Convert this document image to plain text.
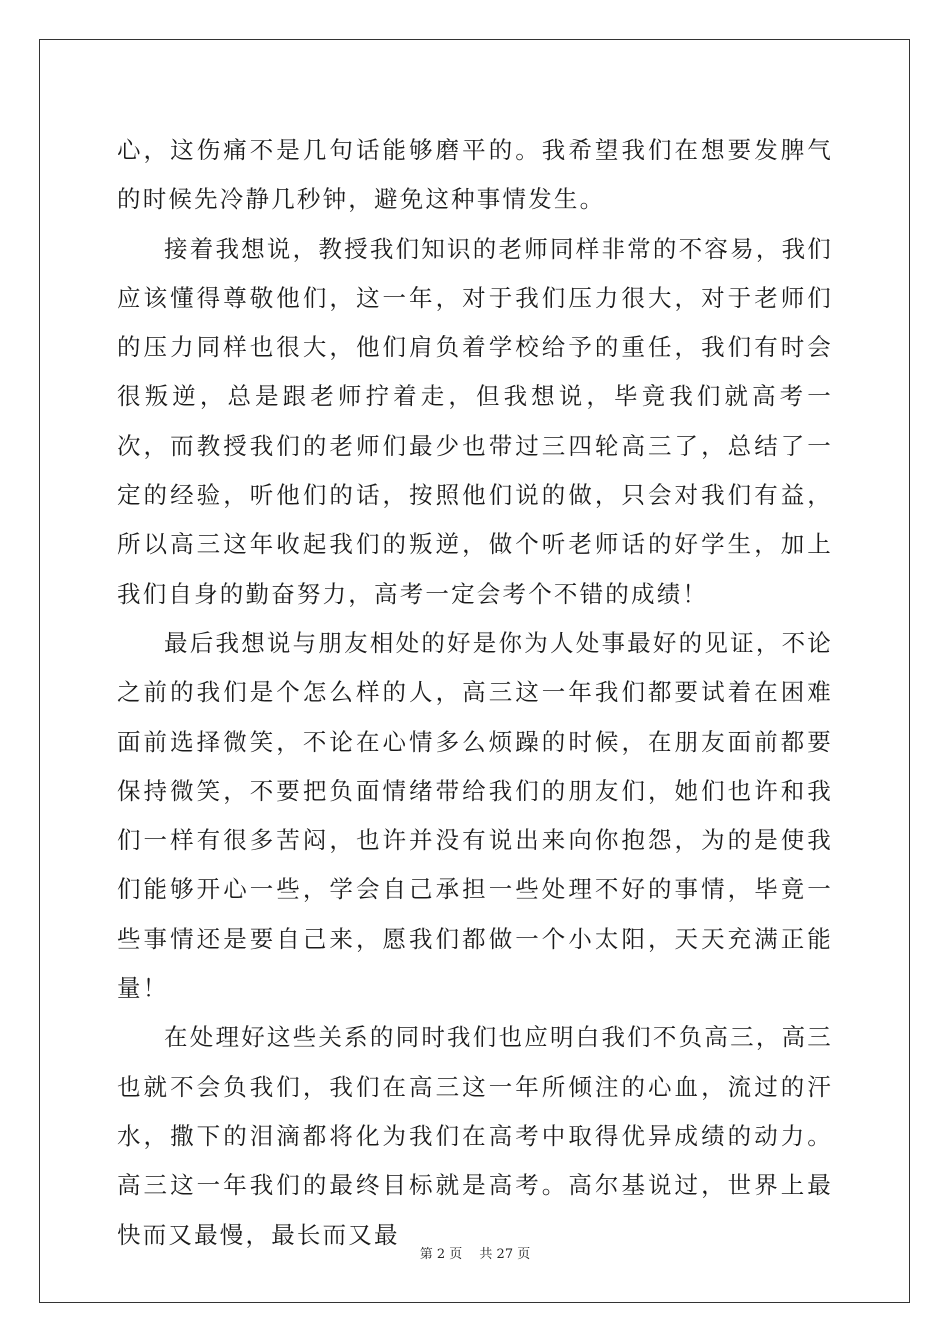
心，这伤痛不是几句话能够磨平的。我希望我们在想要发脾气的时候先冷静几秒钟，避免这种事情发生。

接着我想说，教授我们知识的老师同样非常的不容易，我们应该懂得尊敬他们，这一年，对于我们压力很大，对于老师们的压力同样也很大，他们肩负着学校给予的重任，我们有时会很叛逆，总是跟老师拧着走，但我想说，毕竟我们就高考一次，而教授我们的老师们最少也带过三四轮高三了，总结了一定的经验，听他们的话，按照他们说的做，只会对我们有益，所以高三这年收起我们的叛逆，做个听老师话的好学生，加上我们自身的勤奋努力，高考一定会考个不错的成绩！

最后我想说与朋友相处的好是你为人处事最好的见证，不论之前的我们是个怎么样的人，高三这一年我们都要试着在困难面前选择微笑，不论在心情多么烦躁的时候，在朋友面前都要保持微笑，不要把负面情绪带给我们的朋友们，她们也许和我们一样有很多苦闷，也许并没有说出来向你抱怨，为的是使我们能够开心一些，学会自己承担一些处理不好的事情，毕竟一些事情还是要自己来，愿我们都做一个小太阳，天天充满正能量！

在处理好这些关系的同时我们也应明白我们不负高三，高三也就不会负我们，我们在高三这一年所倾注的心血，流过的汗水，撒下的泪滴都将化为我们在高考中取得优异成绩的动力。高三这一年我们的最终目标就是高考。高尔基说过，世界上最快而又最慢，最长而又最

第 2 页　 共 27 页
